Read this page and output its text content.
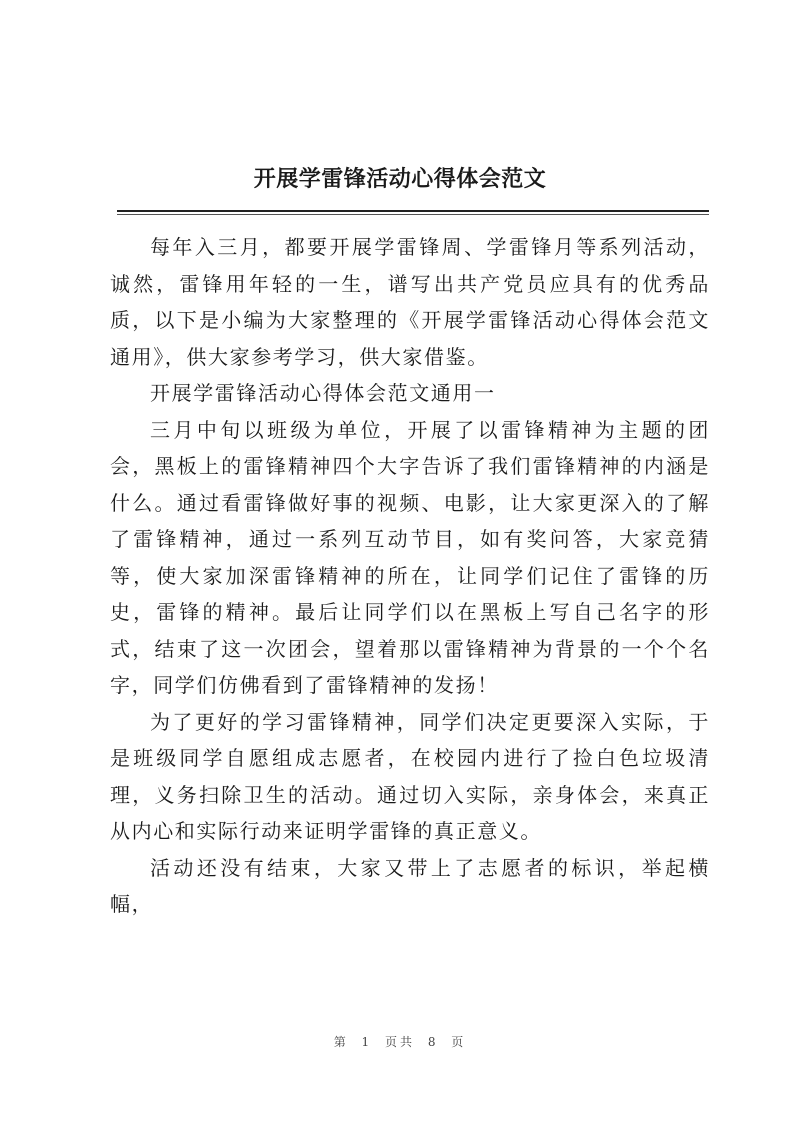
开展学雷锋活动心得体会范文

每年入三月，都要开展学雷锋周、学雷锋月等系列活动，诚然，雷锋用年轻的一生，谱写出共产党员应具有的优秀品质，以下是小编为大家整理的《开展学雷锋活动心得体会范文通用》，供大家参考学习，供大家借鉴。

开展学雷锋活动心得体会范文通用一

三月中旬以班级为单位，开展了以雷锋精神为主题的团会，黑板上的雷锋精神四个大字告诉了我们雷锋精神的内涵是什么。通过看雷锋做好事的视频、电影，让大家更深入的了解了雷锋精神，通过一系列互动节目，如有奖问答，大家竞猜等，使大家加深雷锋精神的所在，让同学们记住了雷锋的历史，雷锋的精神。最后让同学们以在黑板上写自己名字的形式，结束了这一次团会，望着那以雷锋精神为背景的一个个名字，同学们仿佛看到了雷锋精神的发扬！

为了更好的学习雷锋精神，同学们决定更要深入实际，于是班级同学自愿组成志愿者，在校园内进行了捡白色垃圾清理，义务扫除卫生的活动。通过切入实际，亲身体会，来真正从内心和实际行动来证明学雷锋的真正意义。

活动还没有结束，大家又带上了志愿者的标识，举起横幅，

第 1 页共 8 页
